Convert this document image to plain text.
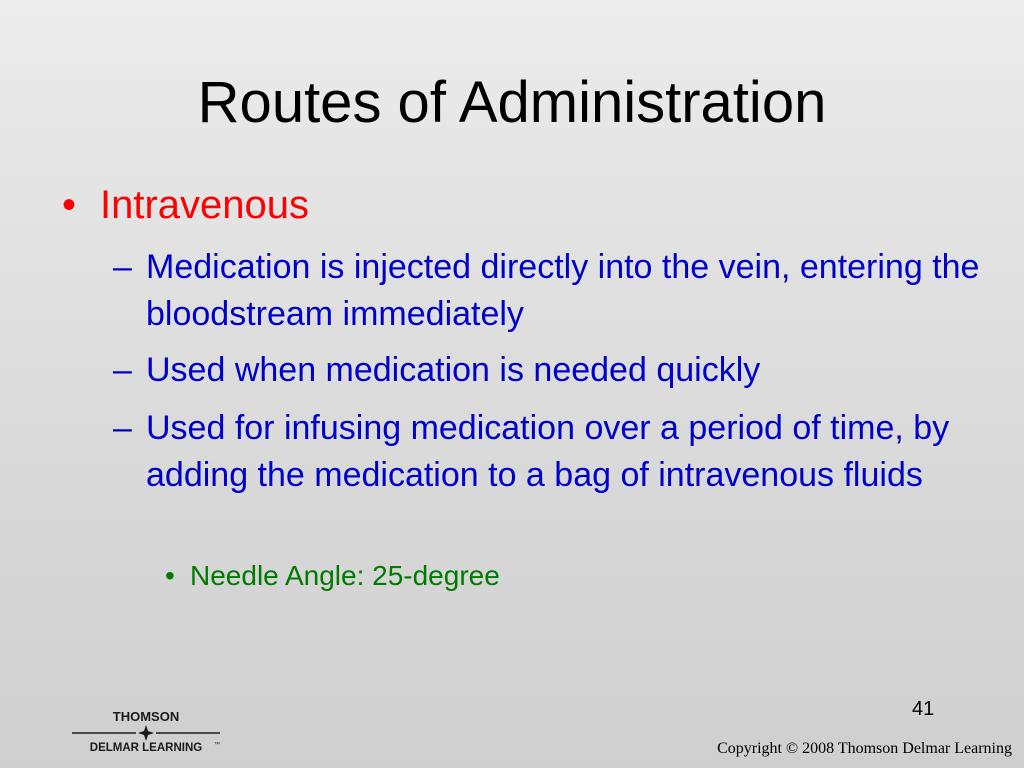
Routes of Administration
• Intravenous
– Medication is injected directly into the vein, entering the bloodstream immediately
– Used when medication is needed quickly
– Used for infusing medication over a period of time, by adding the medication to a bag of intravenous fluids
• Needle Angle: 25-degree
THOMSON
DELMAR LEARNING ™
41
Copyright © 2008 Thomson Delmar Learning
